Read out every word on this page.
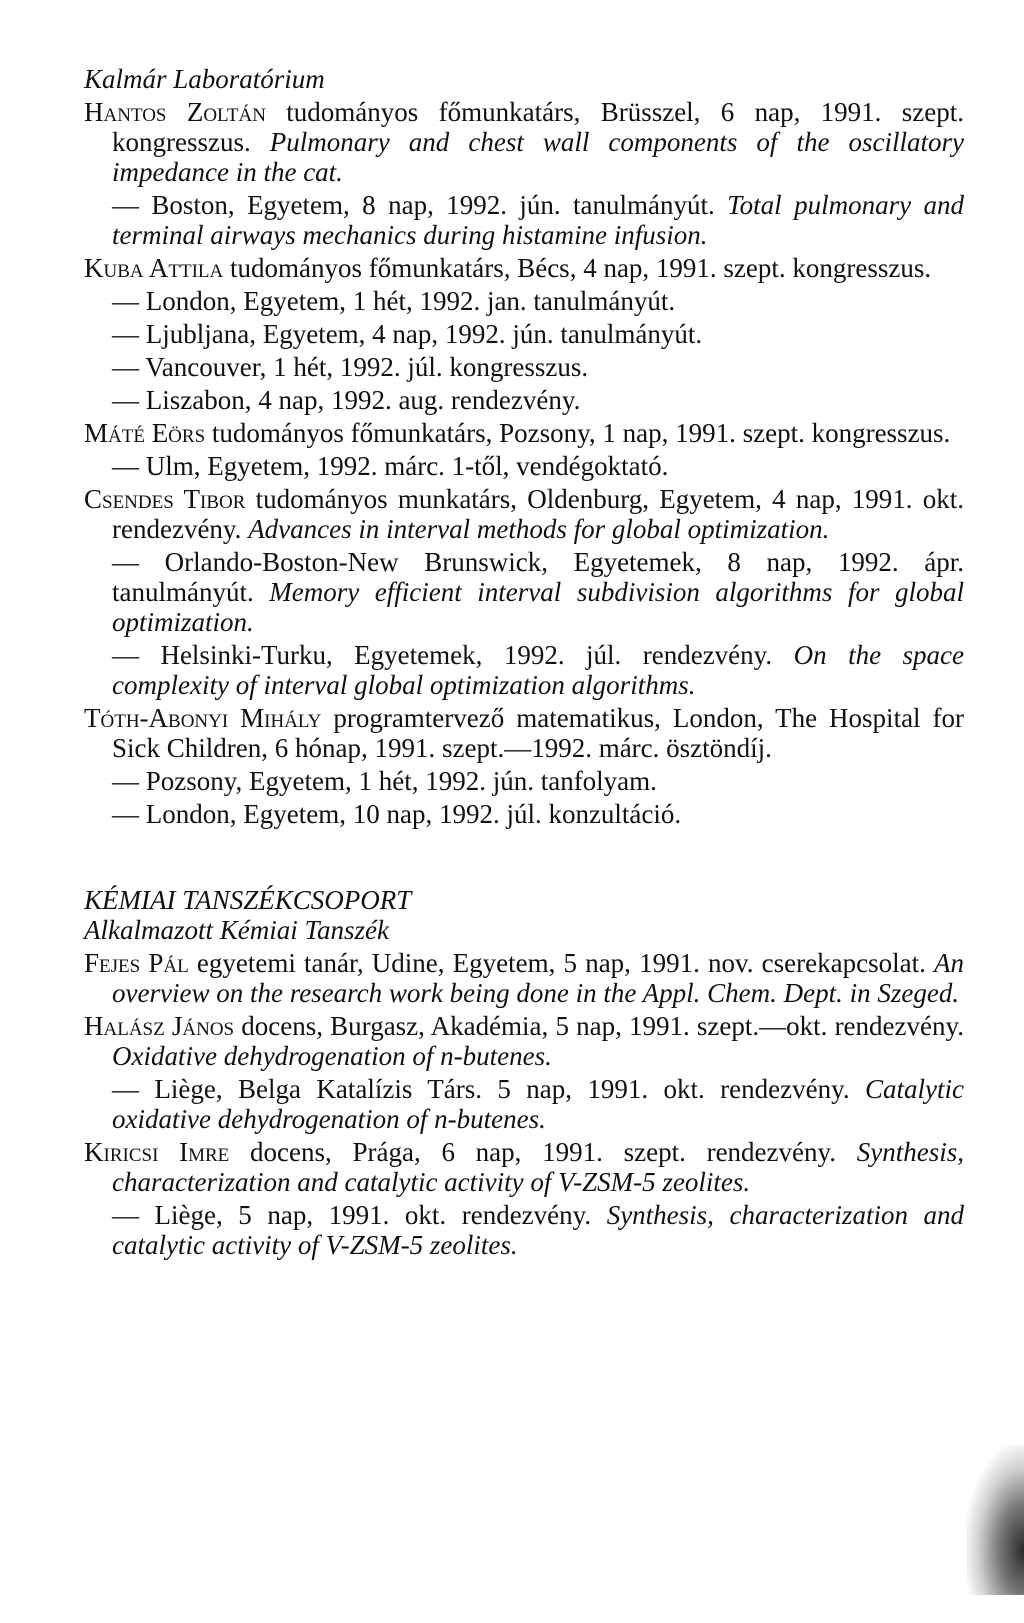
Kalmár Laboratórium
Hantos Zoltán tudományos főmunkatárs, Brüsszel, 6 nap, 1991. szept. kongresszus. Pulmonary and chest wall components of the oscillatory impedance in the cat.
— Boston, Egyetem, 8 nap, 1992. jún. tanulmányút. Total pulmonary and terminal airways mechanics during histamine infusion.
Kuba Attila tudományos főmunkatárs, Bécs, 4 nap, 1991. szept. kongresszus.
— London, Egyetem, 1 hét, 1992. jan. tanulmányút.
— Ljubljana, Egyetem, 4 nap, 1992. jún. tanulmányút.
— Vancouver, 1 hét, 1992. júl. kongresszus.
— Liszabon, 4 nap, 1992. aug. rendezvény.
Máté Eörs tudományos főmunkatárs, Pozsony, 1 nap, 1991. szept. kongresszus.
— Ulm, Egyetem, 1992. márc. 1-től, vendégoktató.
Csendes Tibor tudományos munkatárs, Oldenburg, Egyetem, 4 nap, 1991. okt. rendezvény. Advances in interval methods for global optimization.
— Orlando-Boston-New Brunswick, Egyetemek, 8 nap, 1992. ápr. tanulmányút. Memory efficient interval subdivision algorithms for global optimization.
— Helsinki-Turku, Egyetemek, 1992. júl. rendezvény. On the space complexity of interval global optimization algorithms.
Tóth-Abonyi Mihály programtervező matematikus, London, The Hospital for Sick Children, 6 hónap, 1991. szept.—1992. márc. ösztöndíj.
— Pozsony, Egyetem, 1 hét, 1992. jún. tanfolyam.
— London, Egyetem, 10 nap, 1992. júl. konzultáció.
KÉMIAI TANSZÉKCSOPORT
Alkalmazott Kémiai Tanszék
Fejes Pál egyetemi tanár, Udine, Egyetem, 5 nap, 1991. nov. cserekapcsolat. An overview on the research work being done in the Appl. Chem. Dept. in Szeged.
Halász János docens, Burgasz, Akadémia, 5 nap, 1991. szept.—okt. rendezvény. Oxidative dehydrogenation of n-butenes.
— Liège, Belga Katalízis Társ. 5 nap, 1991. okt. rendezvény. Catalytic oxidative dehydrogenation of n-butenes.
Kiricsi Imre docens, Prága, 6 nap, 1991. szept. rendezvény. Synthesis, characterization and catalytic activity of V-ZSM-5 zeolites.
— Liège, 5 nap, 1991. okt. rendezvény. Synthesis, characterization and catalytic activity of V-ZSM-5 zeolites.
